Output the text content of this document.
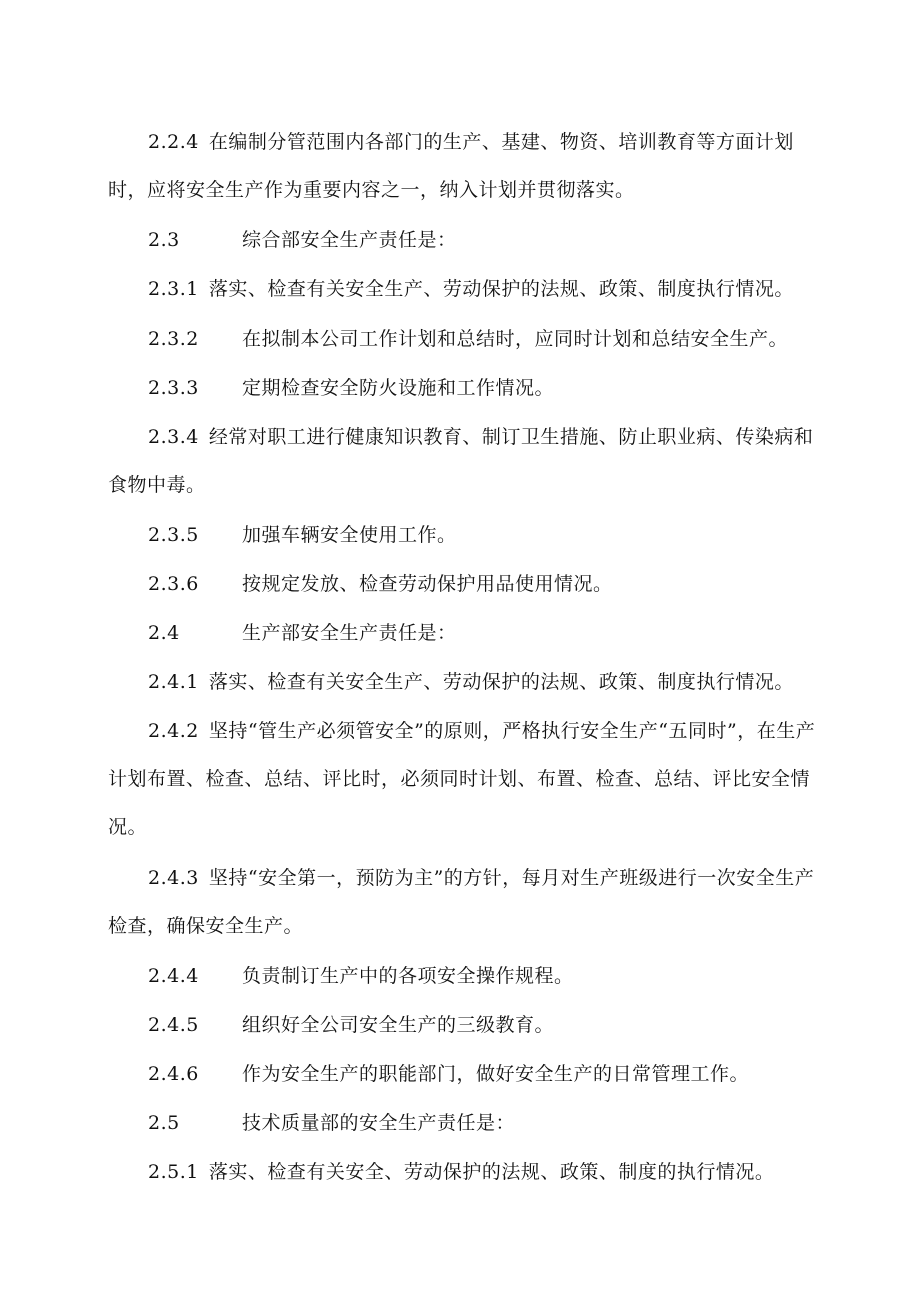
2.2.4 在编制分管范围内各部门的生产、基建、物资、培训教育等方面计划时，应将安全生产作为重要内容之一，纳入计划并贯彻落实。

2.3	综合部安全生产责任是：

2.3.1 落实、检查有关安全生产、劳动保护的法规、政策、制度执行情况。

2.3.2 在拟制本公司工作计划和总结时，应同时计划和总结安全生产。

2.3.3 定期检查安全防火设施和工作情况。

2.3.4 经常对职工进行健康知识教育、制订卫生措施、防止职业病、传染病和食物中毒。

2.3.5 加强车辆安全使用工作。

2.3.6 按规定发放、检查劳动保护用品使用情况。

2.4	生产部安全生产责任是：

2.4.1 落实、检查有关安全生产、劳动保护的法规、政策、制度执行情况。

2.4.2 坚持“管生产必须管安全”的原则，严格执行安全生产“五同时”，在生产计划布置、检查、总结、评比时，必须同时计划、布置、检查、总结、评比安全情况。

2.4.3 坚持“安全第一，预防为主”的方针，每月对生产班级进行一次安全生产检查，确保安全生产。

2.4.4 负责制订生产中的各项安全操作规程。

2.4.5 组织好全公司安全生产的三级教育。

2.4.6 作为安全生产的职能部门，做好安全生产的日常管理工作。

2.5	技术质量部的安全生产责任是：

2.5.1 落实、检查有关安全、劳动保护的法规、政策、制度的执行情况。
